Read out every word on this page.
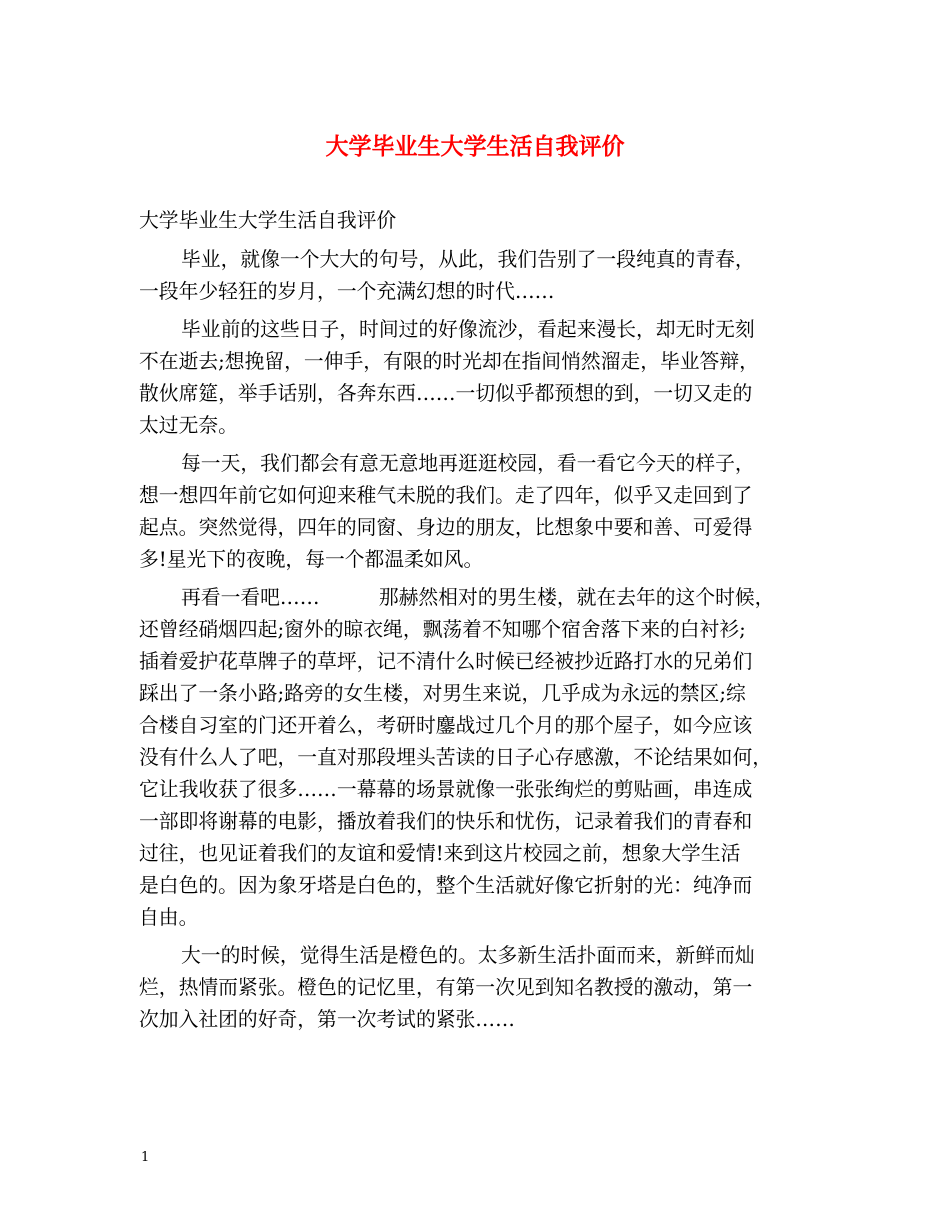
大学毕业生大学生活自我评价
大学毕业生大学生活自我评价
毕业，就像一个大大的句号，从此，我们告别了一段纯真的青春，
一段年少轻狂的岁月，一个充满幻想的时代……
毕业前的这些日子，时间过的好像流沙，看起来漫长，却无时无刻
不在逝去;想挽留，一伸手，有限的时光却在指间悄然溜走，毕业答辩，
散伙席筵，举手话别，各奔东西……一切似乎都预想的到，一切又走的
太过无奈。
每一天，我们都会有意无意地再逛逛校园，看一看它今天的样子，
想一想四年前它如何迎来稚气未脱的我们。走了四年，似乎又走回到了
起点。突然觉得，四年的同窗、身边的朋友，比想象中要和善、可爱得
多!星光下的夜晚，每一个都温柔如风。
再看一看吧……　　　那赫然相对的男生楼，就在去年的这个时候，
还曾经硝烟四起;窗外的晾衣绳，飘荡着不知哪个宿舍落下来的白衬衫;
插着爱护花草牌子的草坪，记不清什么时候已经被抄近路打水的兄弟们
踩出了一条小路;路旁的女生楼，对男生来说，几乎成为永远的禁区;综
合楼自习室的门还开着么，考研时鏖战过几个月的那个屋子，如今应该
没有什么人了吧，一直对那段埋头苦读的日子心存感激，不论结果如何，
它让我收获了很多……一幕幕的场景就像一张张绚烂的剪贴画，串连成
一部即将谢幕的电影，播放着我们的快乐和忧伤，记录着我们的青春和
过往，也见证着我们的友谊和爱情!来到这片校园之前，想象大学生活
是白色的。因为象牙塔是白色的，整个生活就好像它折射的光：纯净而
自由。
大一的时候，觉得生活是橙色的。太多新生活扑面而来，新鲜而灿
烂，热情而紧张。橙色的记忆里，有第一次见到知名教授的激动，第一
次加入社团的好奇，第一次考试的紧张……
1
